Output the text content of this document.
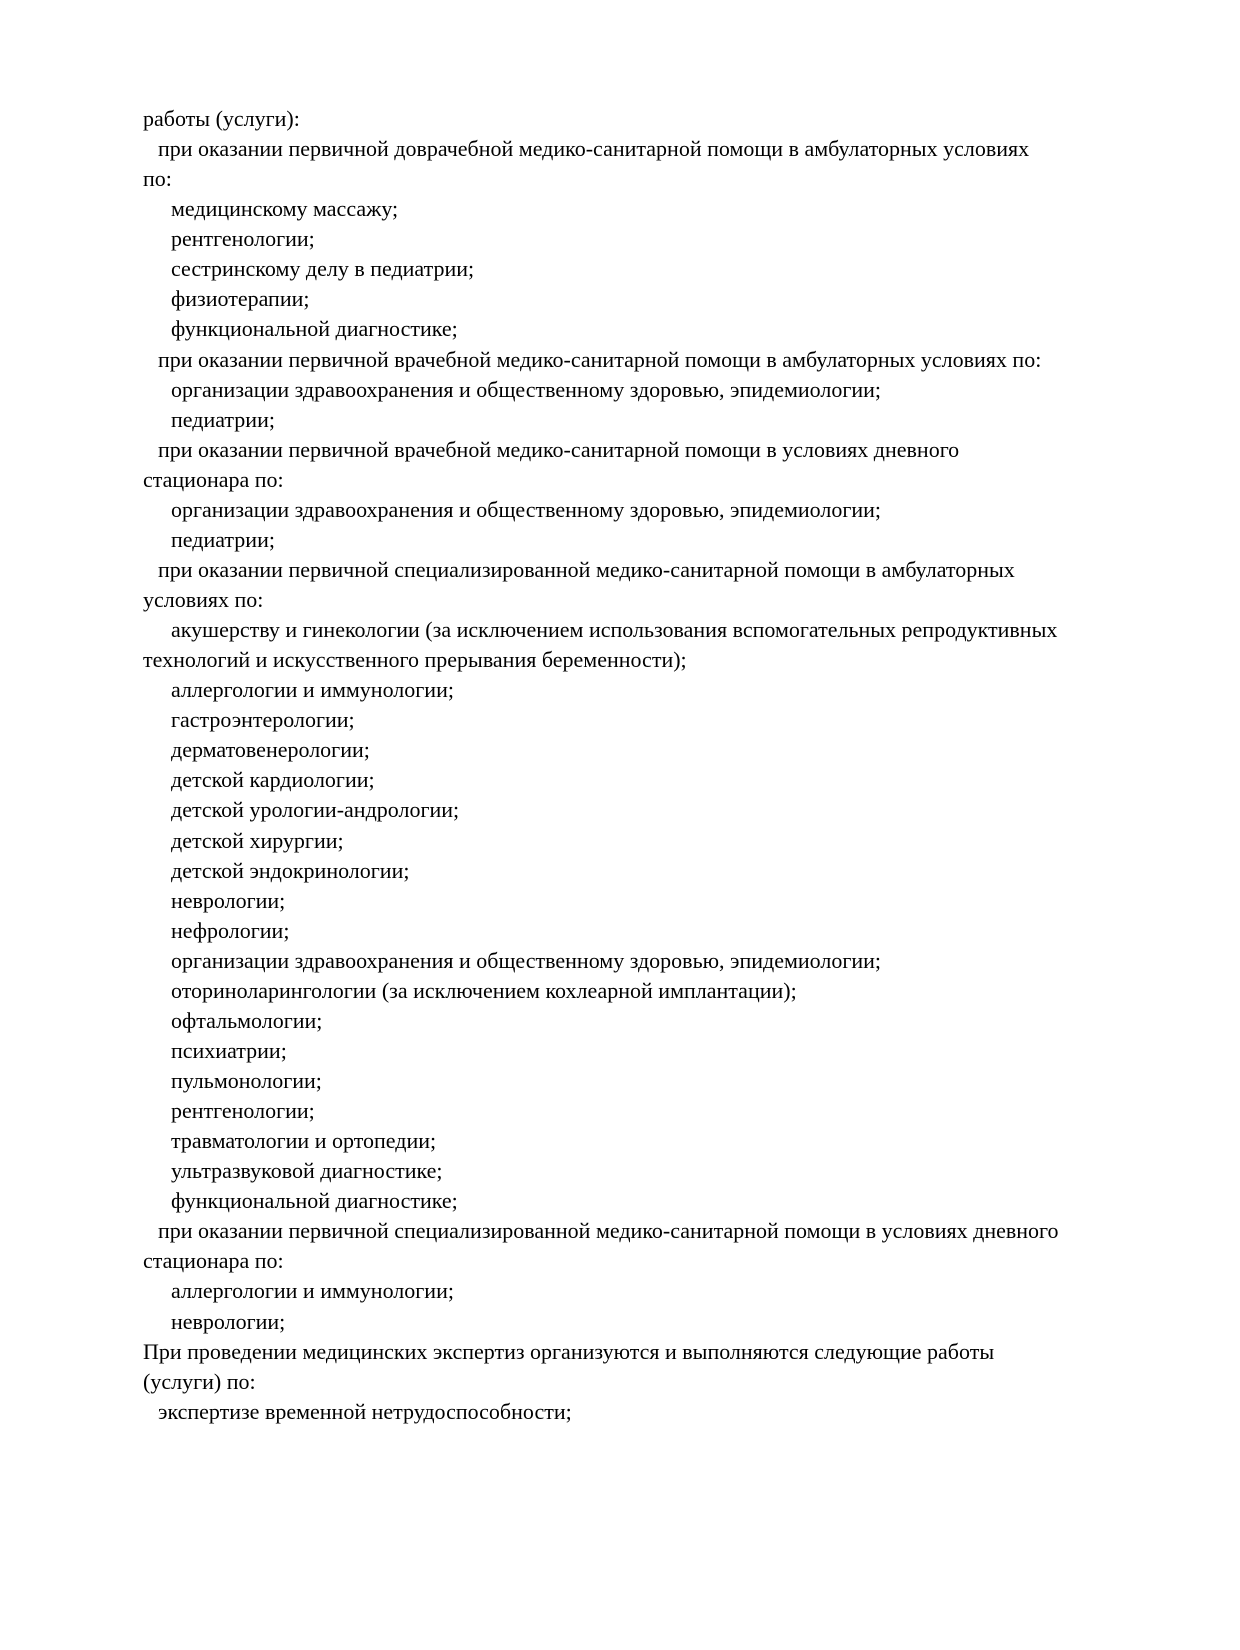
работы (услуги):
при оказании первичной доврачебной медико-санитарной помощи в амбулаторных условиях
по:
медицинскому массажу;
рентгенологии;
сестринскому делу в педиатрии;
физиотерапии;
функциональной диагностике;
при оказании первичной врачебной медико-санитарной помощи в амбулаторных условиях по:
организации здравоохранения и общественному здоровью, эпидемиологии;
педиатрии;
при оказании первичной врачебной медико-санитарной помощи в условиях дневного
стационара по:
организации здравоохранения и общественному здоровью, эпидемиологии;
педиатрии;
при оказании первичной специализированной медико-санитарной помощи в амбулаторных
условиях по:
акушерству и гинекологии (за исключением использования вспомогательных репродуктивных
технологий и искусственного прерывания беременности);
аллергологии и иммунологии;
гастроэнтерологии;
дерматовенерологии;
детской кардиологии;
детской урологии-андрологии;
детской хирургии;
детской эндокринологии;
неврологии;
нефрологии;
организации здравоохранения и общественному здоровью, эпидемиологии;
оториноларингологии (за исключением кохлеарной имплантации);
офтальмологии;
психиатрии;
пульмонологии;
рентгенологии;
травматологии и ортопедии;
ультразвуковой диагностике;
функциональной диагностике;
при оказании первичной специализированной медико-санитарной помощи в условиях дневного
стационара по:
аллергологии и иммунологии;
неврологии;
При проведении медицинских экспертиз организуются и выполняются следующие работы
(услуги) по:
экспертизе временной нетрудоспособности;
